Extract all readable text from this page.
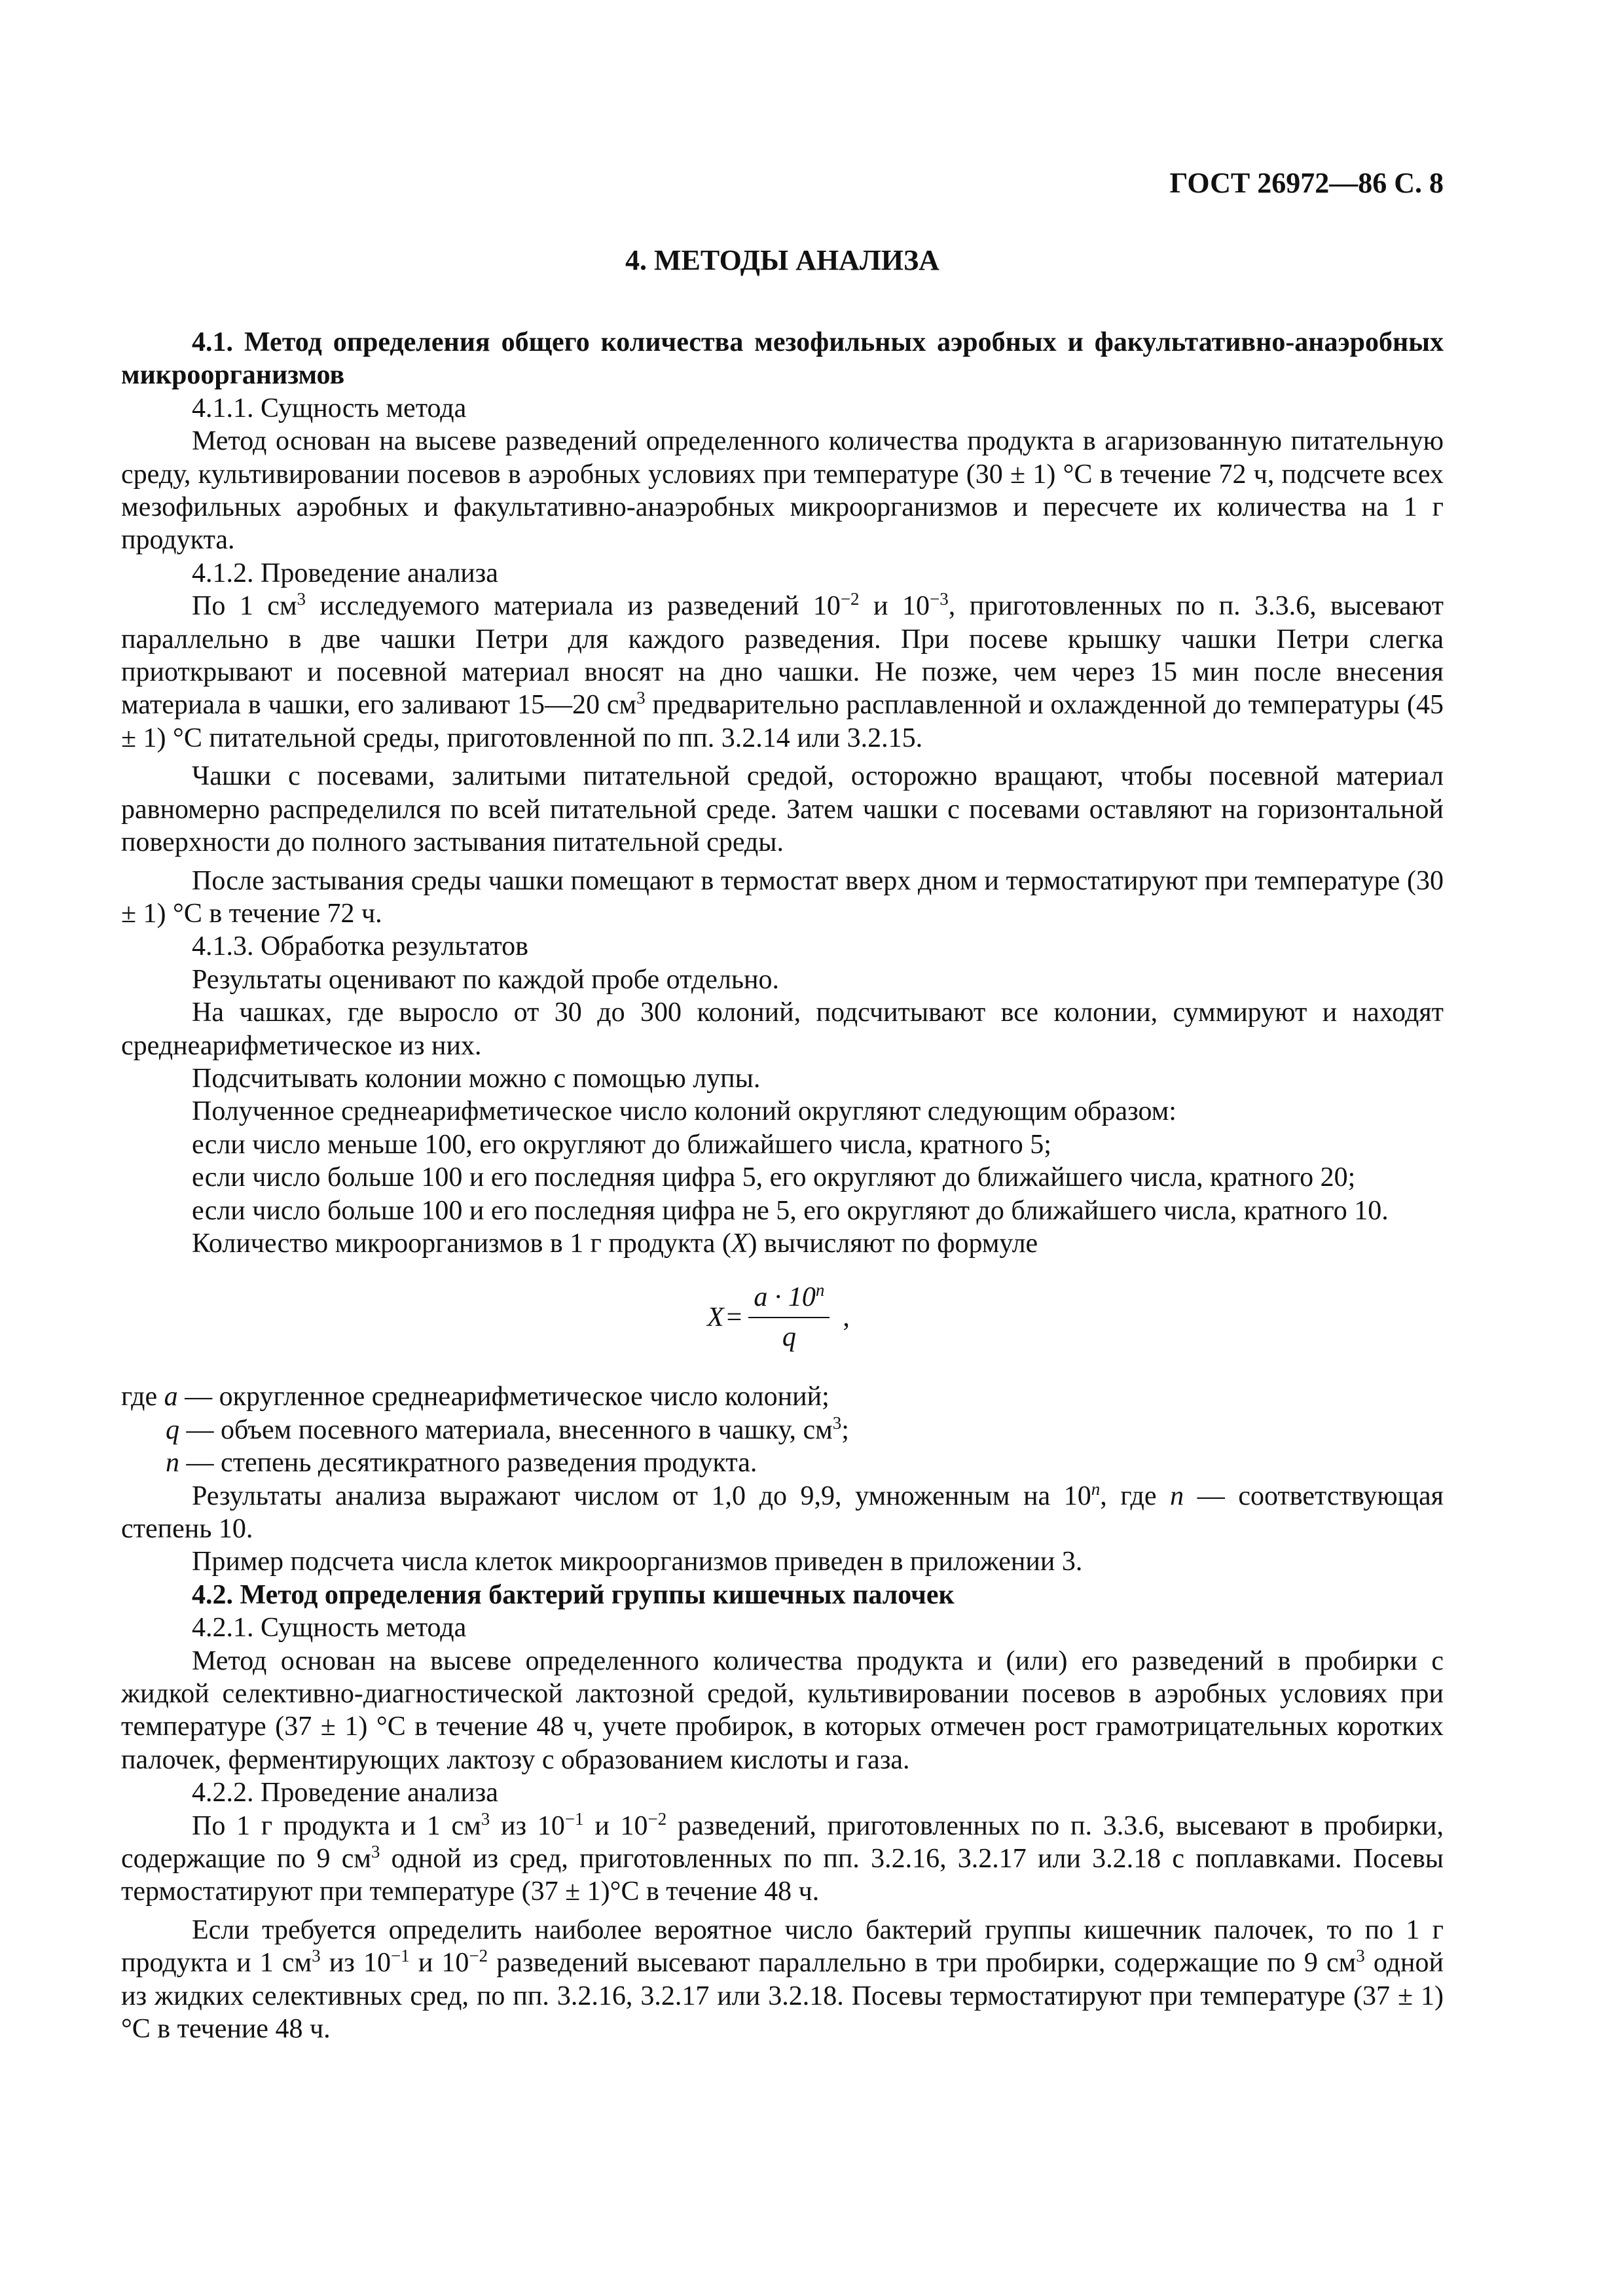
ГОСТ 26972—86 С. 8
4. МЕТОДЫ АНАЛИЗА

4.1. Метод определения общего количества мезофильных аэробных и факультативно-анаэробных микроорганизмов

4.1.1. Сущность метода

Метод основан на высеве разведений определенного количества продукта в агаризованную питательную среду, культивировании посевов в аэробных условиях при температуре (30 ± 1) °С в течение 72 ч, подсчете всех мезофильных аэробных и факультативно-анаэробных микроорганизмов и пересчете их количества на 1 г продукта.

4.1.2. Проведение анализа

По 1 $см^3$ исследуемого материала из разведений $10^{-2}$ и $10^{-3}$, приготовленных по п. 3.3.6, высевают параллельно в две чашки Петри для каждого разведения. При посеве крышку чашки Петри слегка приоткрывают и посевной материал вносят на дно чашки. Не позже, чем через 15 мин после внесения материала в чашки, его заливают 15—20 $см^3$ предварительно расплавленной и охлажденной до температуры (45 ± 1) °С питательной среды, приготовленной по пп. 3.2.14 или 3.2.15.

Чашки с посевами, залитыми питательной средой, осторожно вращают, чтобы посевной материал равномерно распределился по всей питательной среде. Затем чашки с посевами оставляют на горизонтальной поверхности до полного застывания питательной среды.

После застывания среды чашки помещают в термостат вверх дном и термостатируют при температуре (30 ± 1) °С в течение 72 ч.

4.1.3. Обработка результатов

Результаты оценивают по каждой пробе отдельно.

На чашках, где выросло от 30 до 300 колоний, подсчитывают все колонии, суммируют и находят среднеарифметическое из них.

Подсчитывать колонии можно с помощью лупы.

Полученное среднеарифметическое число колоний округляют следующим образом:

если число меньше 100, его округляют до ближайшего числа, кратного 5;

если число больше 100 и его последняя цифра 5, его округляют до ближайшего числа, кратного 20;

если число больше 100 и его последняя цифра не 5, его округляют до ближайшего числа, кратного 10.

Количество микроорганизмов в 1 г продукта (X) вычисляют по формуле

$X = \frac{a \cdot 10^n}{q}$ ,

где a — округленное среднеарифметическое число колоний;

q — объем посевного материала, внесенного в чашку, $см^3$;

n — степень десятикратного разведения продукта.

Результаты анализа выражают числом от 1,0 до 9,9, умноженным на 10$^n$, где n — соответствующая степень 10.

Пример подсчета числа клеток микроорганизмов приведен в приложении 3.

4.2. Метод определения бактерий группы кишечных палочек

4.2.1. Сущность метода

Метод основан на высеве определенного количества продукта и (или) его разведений в пробирки с жидкой селективно-диагностической лактозной средой, культивировании посевов в аэробных условиях при температуре (37 ± 1) °С в течение 48 ч, учете пробирок, в которых отмечен рост грамотрицательных коротких палочек, ферментирующих лактозу с образованием кислоты и газа.

4.2.2. Проведение анализа

По 1 г продукта и 1 $см^3$ из $10^{-1}$ и $10^{-2}$ разведений, приготовленных по п. 3.3.6, высевают в пробирки, содержащие по 9 $см^3$ одной из сред, приготовленных по пп. 3.2.16, 3.2.17 или 3.2.18 с поплавками. Посевы термостатируют при температуре (37 ± 1)°С в течение 48 ч.

Если требуется определить наиболее вероятное число бактерий группы кишечник палочек, то по 1 г продукта и 1 $см^3$ из $10^{-1}$ и $10^{-2}$ разведений высевают параллельно в три пробирки, содержащие по 9 $см^3$ одной из жидких селективных сред, по пп. 3.2.16, 3.2.17 или 3.2.18. Посевы термостатируют при температуре (37 ± 1) °С в течение 48 ч.
